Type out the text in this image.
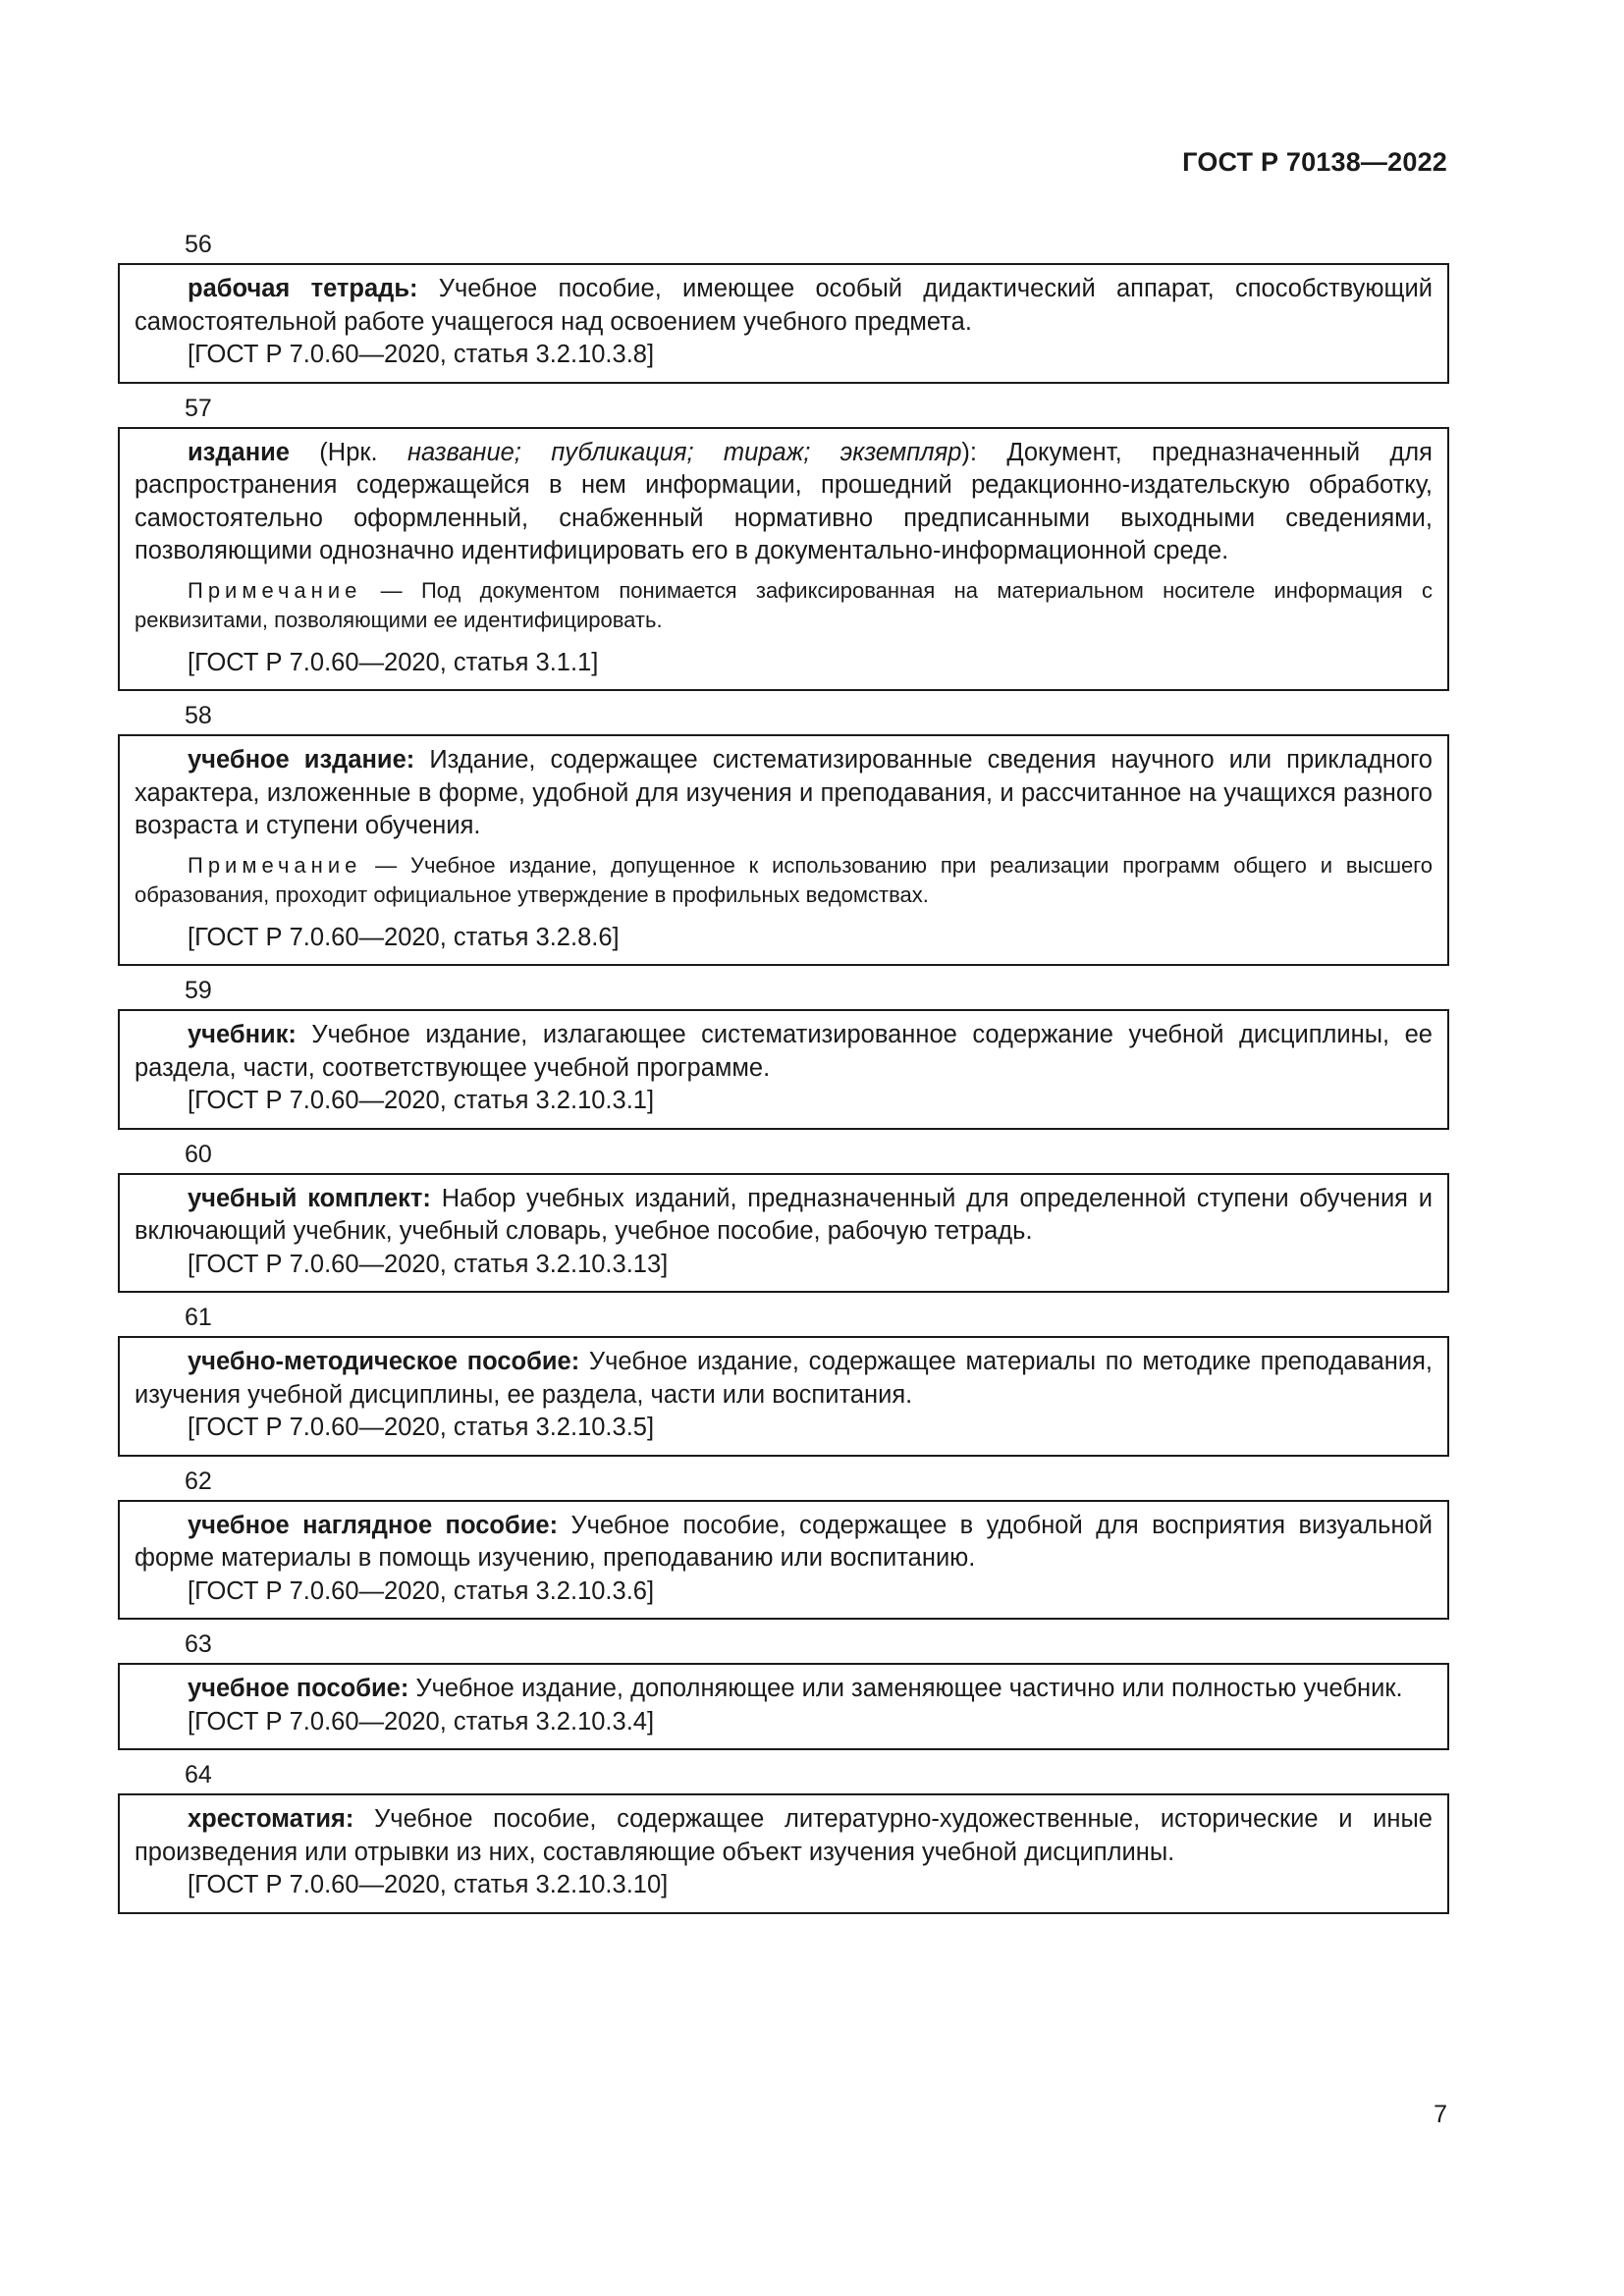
ГОСТ Р 70138—2022
56

рабочая тетрадь: Учебное пособие, имеющее особый дидактический аппарат, способствующий самостоятельной работе учащегося над освоением учебного предмета.

[ГОСТ Р 7.0.60—2020, статья 3.2.10.3.8]

57

издание (Нрк. название; публикация; тираж; экземпляр): Документ, предназначенный для распространения содержащейся в нем информации, прошедний редакционно-издательскую обработку, самостоятельно оформленный, снабженный нормативно предписанными выходными сведениями, позволяющими однозначно идентифицировать его в документально-информационной среде.

Примечание — Под документом понимается зафиксированная на материальном носителе информация с реквизитами, позволяющими ее идентифицировать.

[ГОСТ Р 7.0.60—2020, статья 3.1.1]

58

учебное издание: Издание, содержащее систематизированные сведения научного или прикладного характера, изложенные в форме, удобной для изучения и преподавания, и рассчитанное на учащихся разного возраста и ступени обучения.

Примечание — Учебное издание, допущенное к использованию при реализации программ общего и высшего образования, проходит официальное утверждение в профильных ведомствах.

[ГОСТ Р 7.0.60—2020, статья 3.2.8.6]

59

учебник: Учебное издание, излагающее систематизированное содержание учебной дисциплины, ее раздела, части, соответствующее учебной программе.

[ГОСТ Р 7.0.60—2020, статья 3.2.10.3.1]

60

учебный комплект: Набор учебных изданий, предназначенный для определенной ступени обучения и включающий учебник, учебный словарь, учебное пособие, рабочую тетрадь.

[ГОСТ Р 7.0.60—2020, статья 3.2.10.3.13]

61

учебно-методическое пособие: Учебное издание, содержащее материалы по методике преподавания, изучения учебной дисциплины, ее раздела, части или воспитания.

[ГОСТ Р 7.0.60—2020, статья 3.2.10.3.5]

62

учебное наглядное пособие: Учебное пособие, содержащее в удобной для восприятия визуальной форме материалы в помощь изучению, преподаванию или воспитанию.

[ГОСТ Р 7.0.60—2020, статья 3.2.10.3.6]

63

учебное пособие: Учебное издание, дополняющее или заменяющее частично или полностью учебник.

[ГОСТ Р 7.0.60—2020, статья 3.2.10.3.4]

64

хрестоматия: Учебное пособие, содержащее литературно-художественные, исторические и иные произведения или отрывки из них, составляющие объект изучения учебной дисциплины.

[ГОСТ Р 7.0.60—2020, статья 3.2.10.3.10]

7
